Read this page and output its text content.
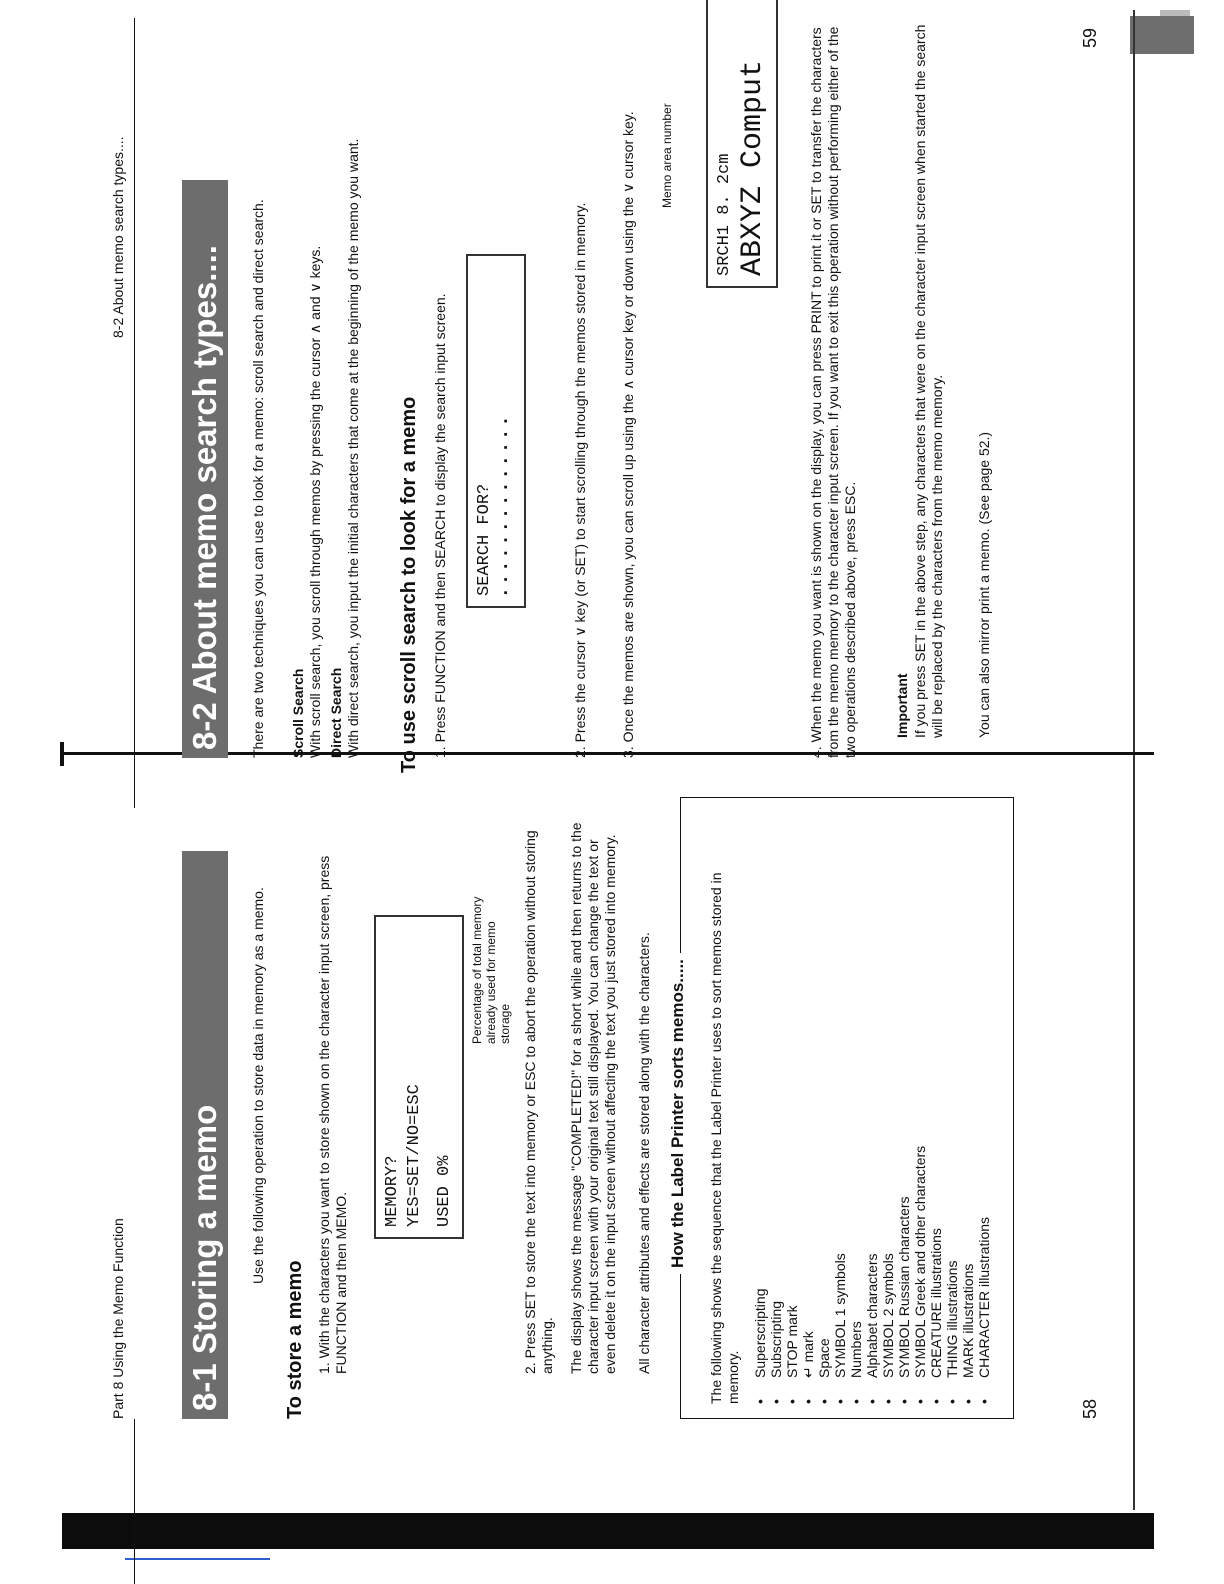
Part 8 Using the Memo Function 8-1 Storing a memo	Use the following operation to store data in memory as a memo.
To store a memo 1. With the characters you want to store shown on the character input screen, press FUNCTION and then MEMO.
MEMORY? YES=SET/NO=ESC USED 0%
Percentage of total memory already used for memo storage 2. Press SET to store the text into memory or ESC to abort the operation without storing anything. The display shows the message "COMPLETED!" for a short while and then returns to the character input screen with your original text still displayed. You can change the text or even delete it on the input screen without affecting the text you just stored into memory. All character attributes and effects are stored along with the characters. How the Label Printer sorts memos..... The following shows the sequence that the Label Printer uses to sort memos stored in memory. • Superscripting • Subscripting • STOP mark • ↵ mark • Space • SYMBOL 1 symbols • Numbers • Alphabet characters • SYMBOL 2 symbols • SYMBOL Russian characters • SYMBOL Greek and other characters • CREATURE illustrations • THING illustrations • MARK illustrations • CHARACTER illustrations
58
8-2 About memo search types....
8-2 About memo search types....	There are two techniques you can use to look for a memo: scroll search and direct search. Scroll Search With scroll search, you scroll through memos by pressing the cursor ∧ and ∨ keys. Direct Search With direct search, you input the initial characters that come at the beginning of the memo you want. To use scroll search to look for a memo 1. Press FUNCTION and then SEARCH to display the search input screen. SEARCH FOR? ▪ ▪ ▪ ▪ ▪ ▪ ▪ ▪ ▪ ▪ ▪ ▪ ▪ ▪	2. Press the cursor ∨ key (or SET) to start scrolling through the memos stored in memory. 3. Once the memos are shown, you can scroll up using the ∧ cursor key or down using the ∨ cursor key. Memo area number SRCH1 8. 2cm ABXYZ Comput	4. When the memo you want is shown on the display, you can press PRINT to print it or SET to transfer the characters from the memo memory to the character input screen. If you want to exit this operation without performing either of the two operations described above, press ESC.	Important If you press SET in the above step, any characters that were on the character input screen when started the search will be replaced by the characters from the memo memory. You can also mirror print a memo. (See page 52.)
59
